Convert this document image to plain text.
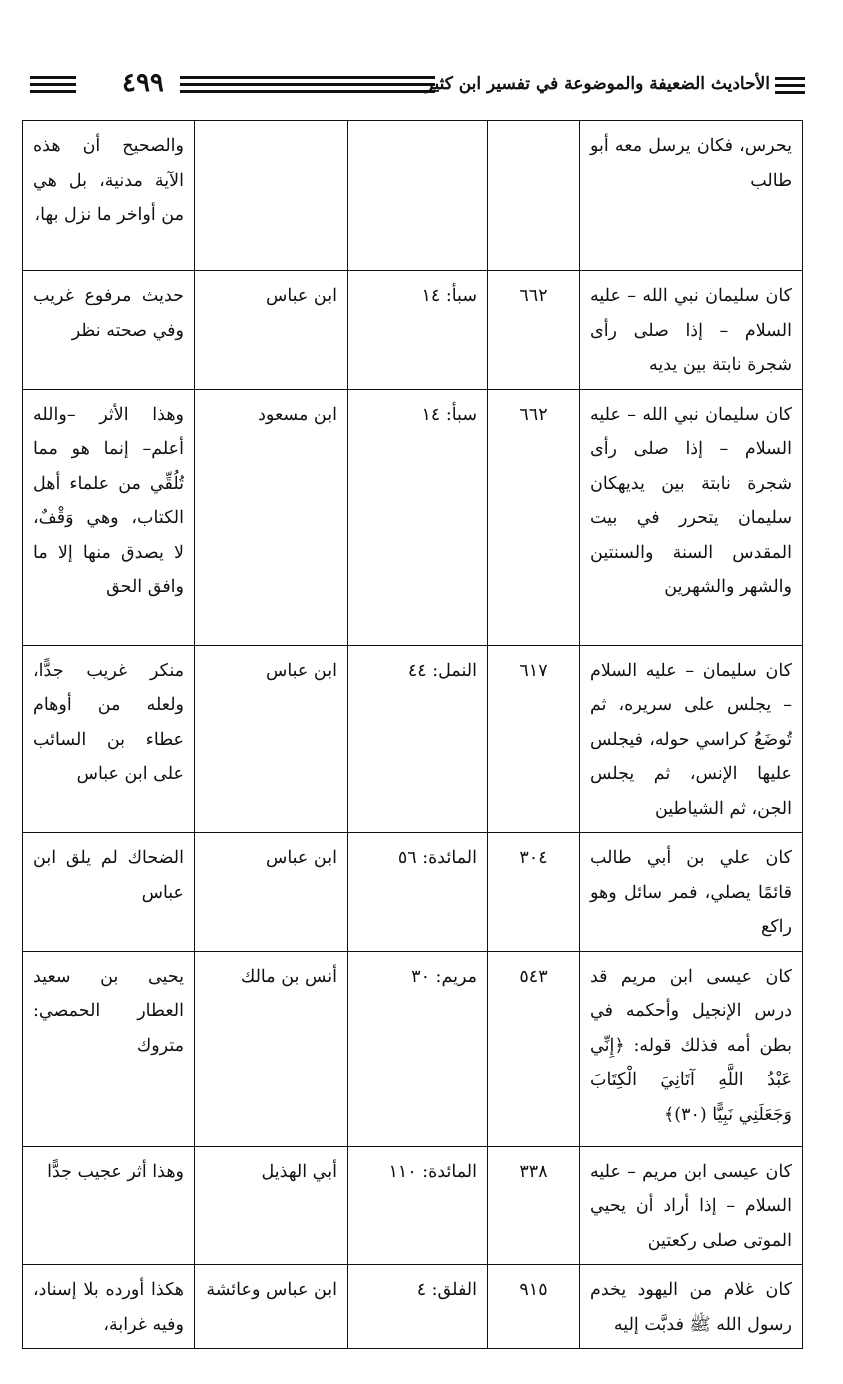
٤٩٩	الأحاديث الضعيفة والموضوعة في تفسير ابن كثير
يحرس، فكان يرسل معه أبو طالب				والصحيح أن هذه الآية مدنية، بل هي من أواخر ما نزل بها،
كان سليمان نبي الله – عليه السلام – إذا صلى رأى شجرة نابتة بين يديه	٦٦٢	سبأ: ١٤	ابن عباس	حديث مرفوع غريب وفي صحته نظر
كان سليمان نبي الله – عليه السلام – إذا صلى رأى شجرة نابتة بين يديهكان سليمان يتحرر في بيت المقدس السنة والسنتين والشهر والشهرين	٦٦٢	سبأ: ١٤	ابن مسعود	وهذا الأثر –والله أعلم– إنما هو مما تُلُقِّي من علماء أهل الكتاب، وهي وَقْفٌ، لا يصدق منها إلا ما وافق الحق
كان سليمان – عليه السلام – يجلس على سريره، ثم تُوضَعُ كراسي حوله، فيجلس عليها الإنس، ثم يجلس الجن، ثم الشياطين	٦١٧	النمل: ٤٤	ابن عباس	منكر غريب جدًّا، ولعله من أوهام عطاء بن السائب على ابن عباس
كان علي بن أبي طالب قائمًا يصلي، فمر سائل وهو راكع	٣٠٤	المائدة: ٥٦	ابن عباس	الضحاك لم يلق ابن عباس
كان عيسى ابن مريم قد درس الإنجيل وأحكمه في بطن أمه فذلك قوله: ﴿إِنِّي عَبْدُ اللَّهِ آتَانِيَ الْكِتَابَ وَجَعَلَنِي نَبِيًّا (٣٠)﴾	٥٤٣	مريم: ٣٠	أنس بن مالك	يحيى بن سعيد العطار الحمصي: متروك
كان عيسى ابن مريم – عليه السلام – إذا أراد أن يحيي الموتى صلى ركعتين	٣٣٨	المائدة: ١١٠	أبي الهذيل	وهذا أثر عجيب جدًّا
كان غلام من اليهود يخدم رسول الله ﷺ فدبَّت إليه	٩١٥	الفلق: ٤	ابن عباس وعائشة	هكذا أورده بلا إسناد، وفيه غرابة،
